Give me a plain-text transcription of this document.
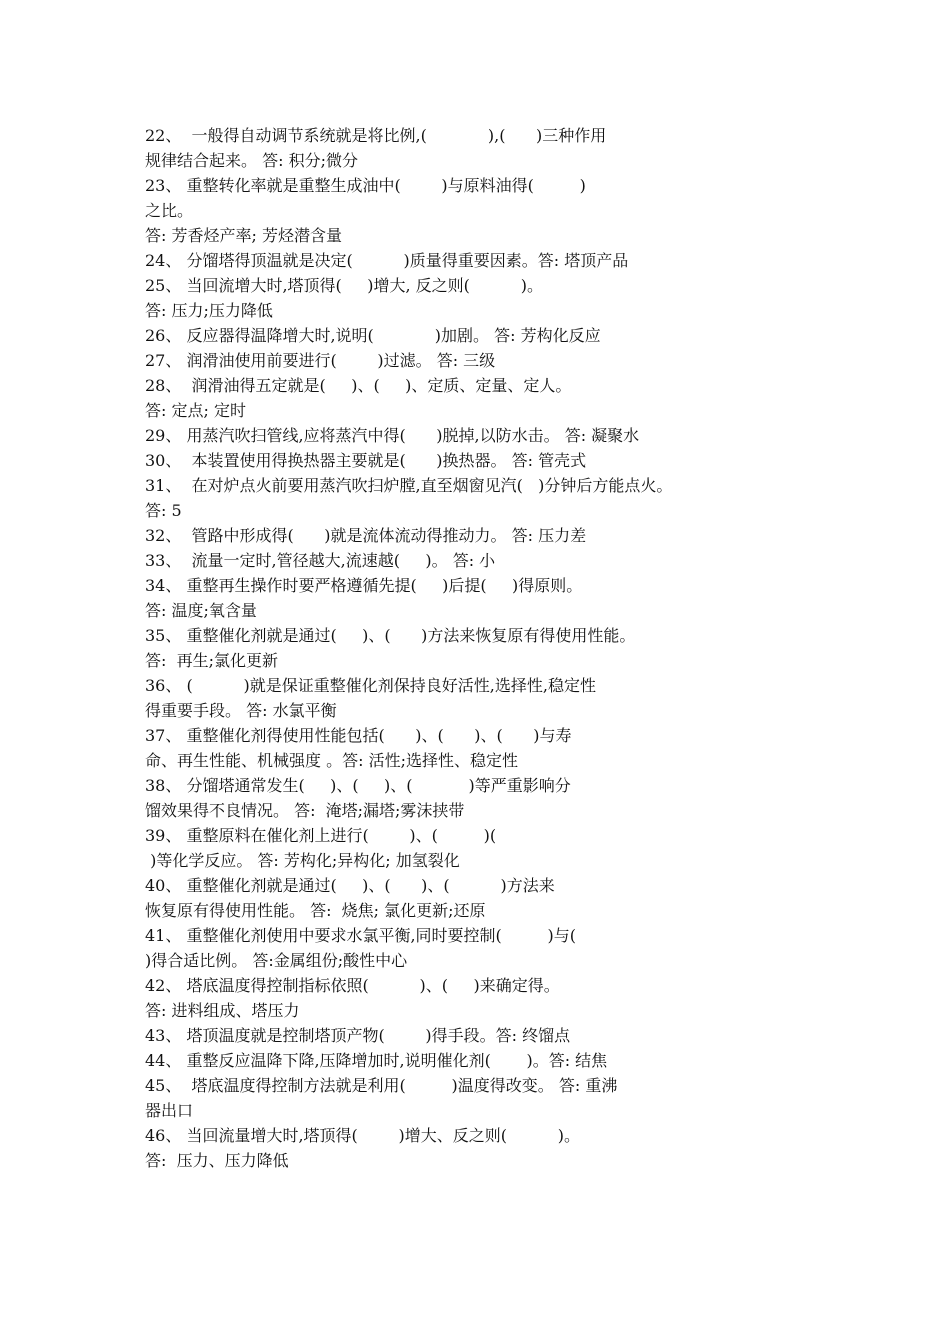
22、  一般得自动调节系统就是将比例,(            ),(      )三种作用
规律结合起来。 答: 积分;微分
23、 重整转化率就是重整生成油中(        )与原料油得(         )
之比。
答: 芳香烃产率; 芳烃潜含量
24、 分馏塔得顶温就是决定(          )质量得重要因素。答: 塔顶产品
25、 当回流增大时,塔顶得(     )增大, 反之则(          )。
答: 压力;压力降低
26、 反应器得温降增大时,说明(            )加剧。 答: 芳构化反应
27、 润滑油使用前要进行(        )过滤。 答: 三级
28、  润滑油得五定就是(     )、(     )、定质、定量、定人。
答: 定点; 定时
29、 用蒸汽吹扫管线,应将蒸汽中得(      )脱掉,以防水击。 答: 凝聚水
30、  本装置使用得换热器主要就是(      )换热器。 答: 管壳式
31、  在对炉点火前要用蒸汽吹扫炉膛,直至烟窗见汽(   )分钟后方能点火。
答: 5
32、  管路中形成得(      )就是流体流动得推动力。 答: 压力差
33、  流量一定时,管径越大,流速越(     )。 答: 小
34、 重整再生操作时要严格遵循先提(     )后提(     )得原则。
答: 温度;氧含量
35、 重整催化剂就是通过(     )、(      )方法来恢复原有得使用性能。
答:  再生;氯化更新
36、 (          )就是保证重整催化剂保持良好活性,选择性,稳定性
得重要手段。 答: 水氯平衡
37、 重整催化剂得使用性能包括(      )、(      )、(      )与寿
命、再生性能、机械强度 。答: 活性;选择性、稳定性
38、 分馏塔通常发生(     )、(     )、(           )等严重影响分
馏效果得不良情况。 答:  淹塔;漏塔;雾沫挟带
39、 重整原料在催化剂上进行(        )、(         )(
)等化学反应。 答: 芳构化;异构化; 加氢裂化
40、 重整催化剂就是通过(     )、(      )、(          )方法来
恢复原有得使用性能。 答:  烧焦; 氯化更新;还原
41、 重整催化剂使用中要求水氯平衡,同时要控制(         )与(
)得合适比例。 答:金属组份;酸性中心
42、 塔底温度得控制指标依照(          )、(     )来确定得。
答: 进料组成、塔压力
43、 塔顶温度就是控制塔顶产物(        )得手段。答: 终馏点
44、 重整反应温降下降,压降增加时,说明催化剂(       )。答: 结焦
45、  塔底温度得控制方法就是利用(         )温度得改变。 答: 重沸
器出口
46、 当回流量增大时,塔顶得(        )增大、反之则(          )。
答:  压力、压力降低
